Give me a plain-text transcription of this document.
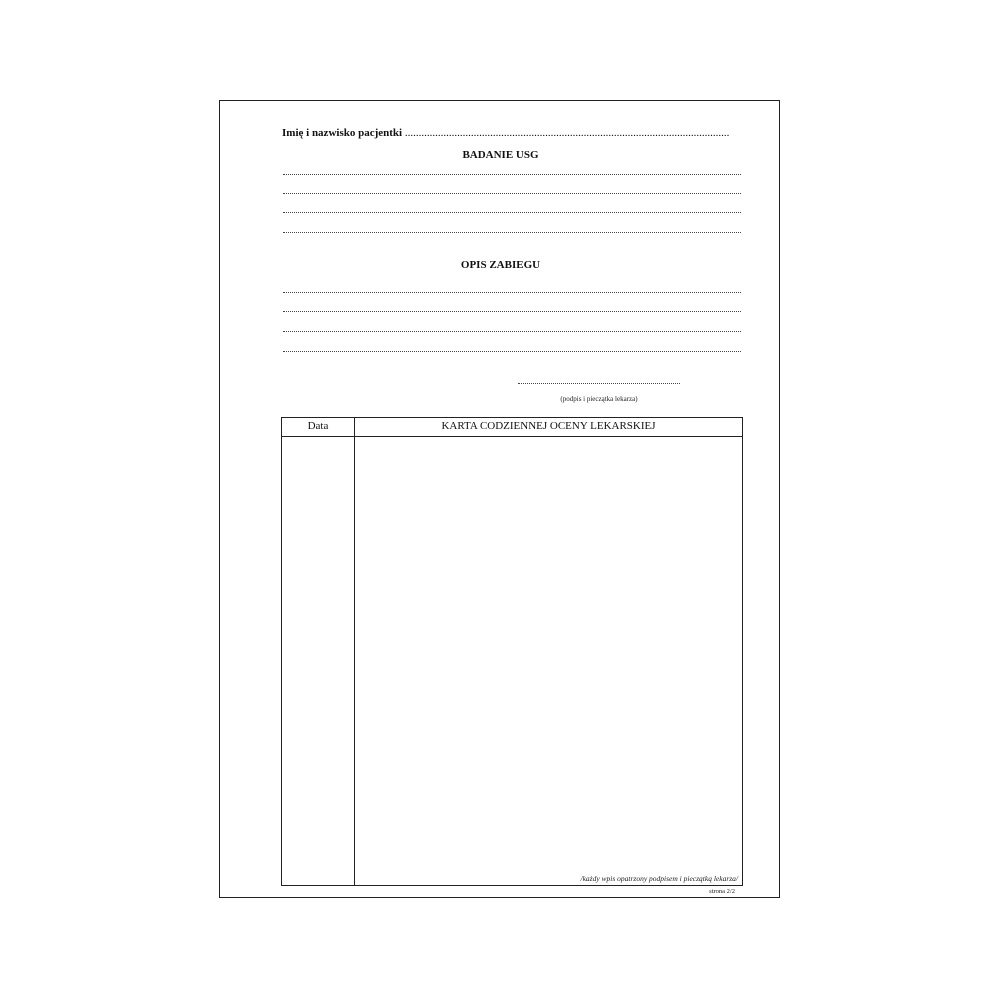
Imię i nazwisko pacjentki ......................................................................................................................
BADANIE USG
OPIS ZABIEGU
(podpis i pieczątka lekarza)
Data	KARTA CODZIENNEJ OCENY LEKARSKIEJ
/każdy wpis opatrzony podpisem i pieczątką lekarza/
strona 2/2
